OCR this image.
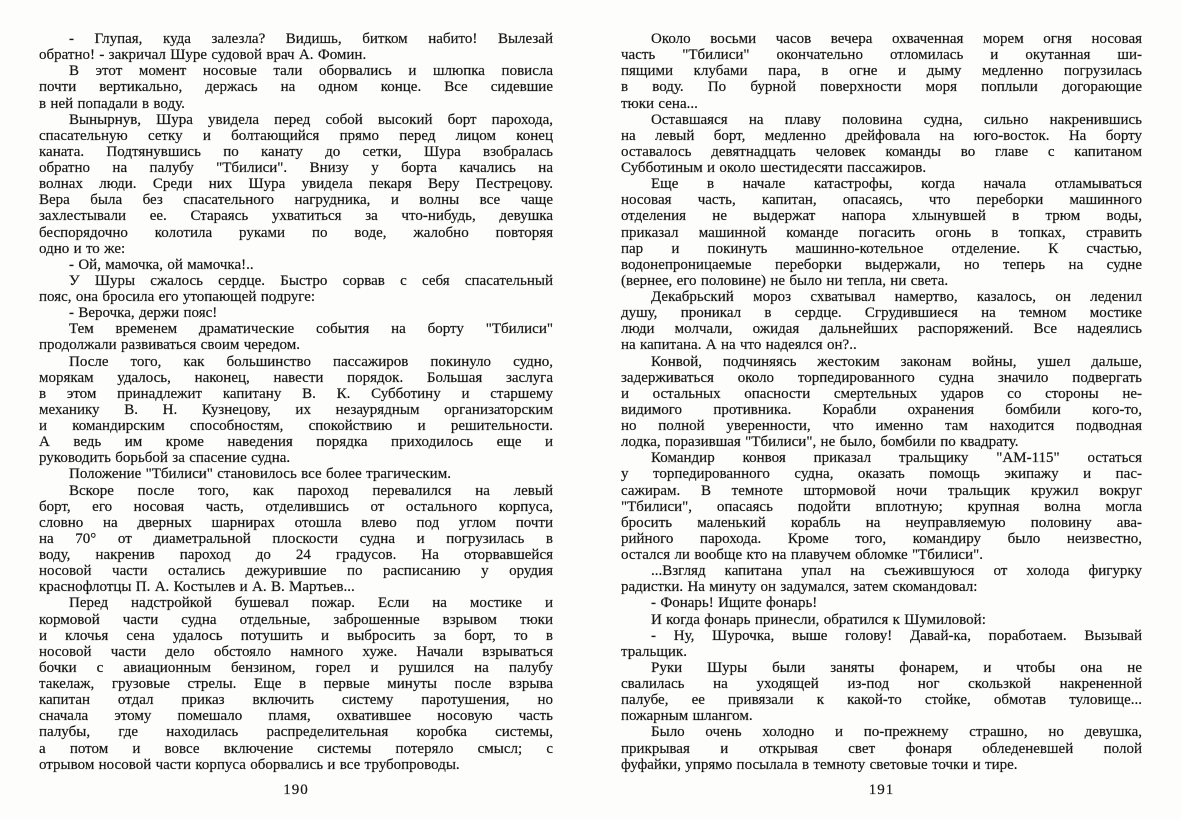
- Глупая, куда залезла? Видишь, битком набито! Вылезай
обратно! - закричал Шуре судовой врач А. Фомин.
В этот момент носовые тали оборвались и шлюпка повисла
почти вертикально, держась на одном конце. Все сидевшие
в ней попадали в воду.
Вынырнув, Шура увидела перед собой высокий борт парохода,
спасательную сетку и болтающийся прямо перед лицом конец
каната. Подтянувшись по канату до сетки, Шура взобралась
обратно на палубу "Тбилиси". Внизу у борта качались на
волнах люди. Среди них Шура увидела пекаря Веру Пестрецову.
Вера была без спасательного нагрудника, и волны все чаще
захлестывали ее. Стараясь ухватиться за что-нибудь, девушка
беспорядочно колотила руками по воде, жалобно повторяя
одно и то же:
- Ой, мамочка, ой мамочка!..
У Шуры сжалось сердце. Быстро сорвав с себя спасательный
пояс, она бросила его утопающей подруге:
- Верочка, держи пояс!
Тем временем драматические события на борту "Тбилиси"
продолжали развиваться своим чередом.
После того, как большинство пассажиров покинуло судно,
морякам удалось, наконец, навести порядок. Большая заслуга
в этом принадлежит капитану В. К. Субботину и старшему
механику В. Н. Кузнецову, их незаурядным организаторским
и командирским способностям, спокойствию и решительности.
А ведь им кроме наведения порядка приходилось еще и
руководить борьбой за спасение судна.
Положение "Тбилиси" становилось все более трагическим.
Вскоре после того, как пароход перевалился на левый
борт, его носовая часть, отделившись от остального корпуса,
словно на дверных шарнирах отошла влево под углом почти
на 70° от диаметральной плоскости судна и погрузилась в
воду, накренив пароход до 24 градусов. На оторвавшейся
носовой части остались дежурившие по расписанию у орудия
краснофлотцы П. А. Костылев и А. В. Мартьев...
Перед надстройкой бушевал пожар. Если на мостике и
кормовой части судна отдельные, заброшенные взрывом тюки
и клочья сена удалось потушить и выбросить за борт, то в
носовой части дело обстояло намного хуже. Начали взрываться
бочки с авиационным бензином, горел и рушился на палубу
такелаж, грузовые стрелы. Еще в первые минуты после взрыва
капитан отдал приказ включить систему паротушения, но
сначала этому помешало пламя, охватившее носовую часть
палубы, где находилась распределительная коробка системы,
а потом и вовсе включение системы потеряло смысл; с
отрывом носовой части корпуса оборвались и все трубопроводы.
190
Около восьми часов вечера охваченная морем огня носовая
часть "Тбилиси" окончательно отломилась и окутанная ши-
пящими клубами пара, в огне и дыму медленно погрузилась
в воду. По бурной поверхности моря поплыли догорающие
тюки сена...
Оставшаяся на плаву половина судна, сильно накренившись
на левый борт, медленно дрейфовала на юго-восток. На борту
оставалось девятнадцать человек команды во главе с капитаном
Субботиным и около шестидесяти пассажиров.
Еще в начале катастрофы, когда начала отламываться
носовая часть, капитан, опасаясь, что переборки машинного
отделения не выдержат напора хлынувшей в трюм воды,
приказал машинной команде погасить огонь в топках, стравить
пар и покинуть машинно-котельное отделение. К счастью,
водонепроницаемые переборки выдержали, но теперь на судне
(вернее, его половине) не было ни тепла, ни света.
Декабрьский мороз схватывал намертво, казалось, он леденил
душу, проникал в сердце. Сгрудившиеся на темном мостике
люди молчали, ожидая дальнейших распоряжений. Все надеялись
на капитана. А на что надеялся он?..
Конвой, подчиняясь жестоким законам войны, ушел дальше,
задерживаться около торпедированного судна значило подвергать
и остальных опасности смертельных ударов со стороны не-
видимого противника. Корабли охранения бомбили кого-то,
но полной уверенности, что именно там находится подводная
лодка, поразившая "Тбилиси", не было, бомбили по квадрату.
Командир конвоя приказал тральщику "АМ-115" остаться
у торпедированного судна, оказать помощь экипажу и пас-
сажирам. В темноте штормовой ночи тральщик кружил вокруг
"Тбилиси", опасаясь подойти вплотную; крупная волна могла
бросить маленький корабль на неуправляемую половину ава-
рийного парохода. Кроме того, командиру было неизвестно,
остался ли вообще кто на плавучем обломке "Тбилиси".
...Взгляд капитана упал на съежившуюся от холода фигурку
радистки. На минуту он задумался, затем скомандовал:
- Фонарь! Ищите фонарь!
И когда фонарь принесли, обратился к Шумиловой:
- Ну, Шурочка, выше голову! Давай-ка, поработаем. Вызывай
тральщик.
Руки Шуры были заняты фонарем, и чтобы она не
свалилась на уходящей из-под ног скользкой накрененной
палубе, ее привязали к какой-то стойке, обмотав туловище...
пожарным шлангом.
Было очень холодно и по-прежнему страшно, но девушка,
прикрывая и открывая свет фонаря обледеневшей полой
фуфайки, упрямо посылала в темноту световые точки и тире.
191
